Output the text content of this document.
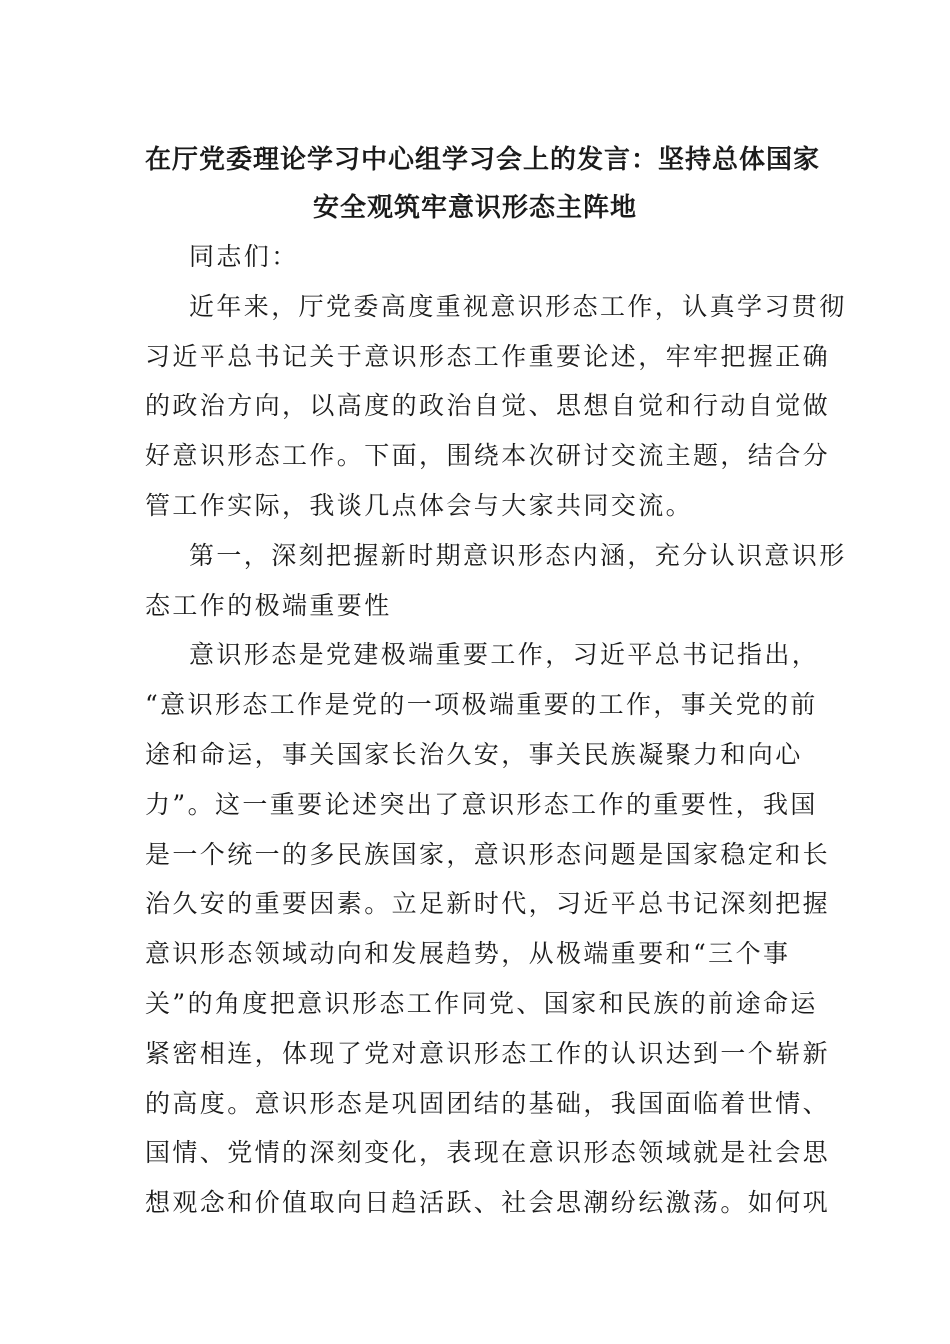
在厅党委理论学习中心组学习会上的发言：坚持总体国家
安全观筑牢意识形态主阵地
同志们：
近年来，厅党委高度重视意识形态工作，认真学习贯彻
习近平总书记关于意识形态工作重要论述，牢牢把握正确
的政治方向，以高度的政治自觉、思想自觉和行动自觉做
好意识形态工作。下面，围绕本次研讨交流主题，结合分
管工作实际，我谈几点体会与大家共同交流。
第一，深刻把握新时期意识形态内涵，充分认识意识形
态工作的极端重要性
意识形态是党建极端重要工作，习近平总书记指出，
“意识形态工作是党的一项极端重要的工作，事关党的前
途和命运，事关国家长治久安，事关民族凝聚力和向心
力”。这一重要论述突出了意识形态工作的重要性，我国
是一个统一的多民族国家，意识形态问题是国家稳定和长
治久安的重要因素。立足新时代，习近平总书记深刻把握
意识形态领域动向和发展趋势，从极端重要和“三个事
关”的角度把意识形态工作同党、国家和民族的前途命运
紧密相连，体现了党对意识形态工作的认识达到一个崭新
的高度。意识形态是巩固团结的基础，我国面临着世情、
国情、党情的深刻变化，表现在意识形态领域就是社会思
想观念和价值取向日趋活跃、社会思潮纷纭激荡。如何巩
